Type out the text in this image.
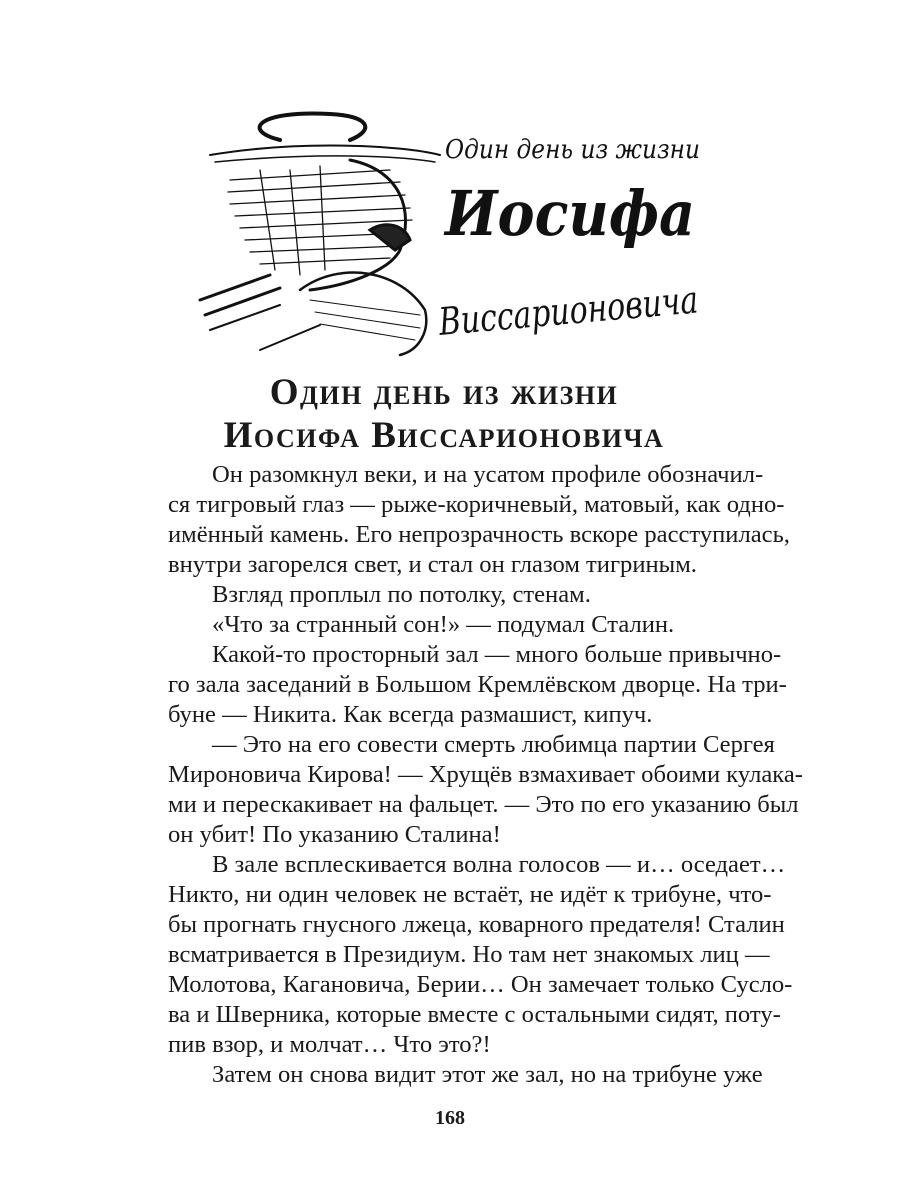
Один день из жизни
Иосифа
Виссарионовича
Один день из жизни
Иосифа Виссарионовича
Он разомкнул веки, и на усатом профиле обозначил-
ся тигровый глаз — рыже-коричневый, матовый, как одно-
имённый камень. Его непрозрачность вскоре расступилась,
внутри загорелся свет, и стал он глазом тигриным.
Взгляд проплыл по потолку, стенам.
«Что за странный сон!» — подумал Сталин.
Какой-то просторный зал — много больше привычно-
го зала заседаний в Большом Кремлёвском дворце. На три-
буне — Никита. Как всегда размашист, кипуч.
— Это на его совести смерть любимца партии Сергея
Мироновича Кирова! — Хрущёв взмахивает обоими кулака-
ми и перескакивает на фальцет. — Это по его указанию был
он убит! По указанию Сталина!
В зале всплескивается волна голосов — и… оседает…
Никто, ни один человек не встаёт, не идёт к трибуне, что-
бы прогнать гнусного лжеца, коварного предателя! Сталин
всматривается в Президиум. Но там нет знакомых лиц —
Молотова, Кагановича, Берии… Он замечает только Сусло-
ва и Шверника, которые вместе с остальными сидят, поту-
пив взор, и молчат… Что это?!
Затем он снова видит этот же зал, но на трибуне уже
168
